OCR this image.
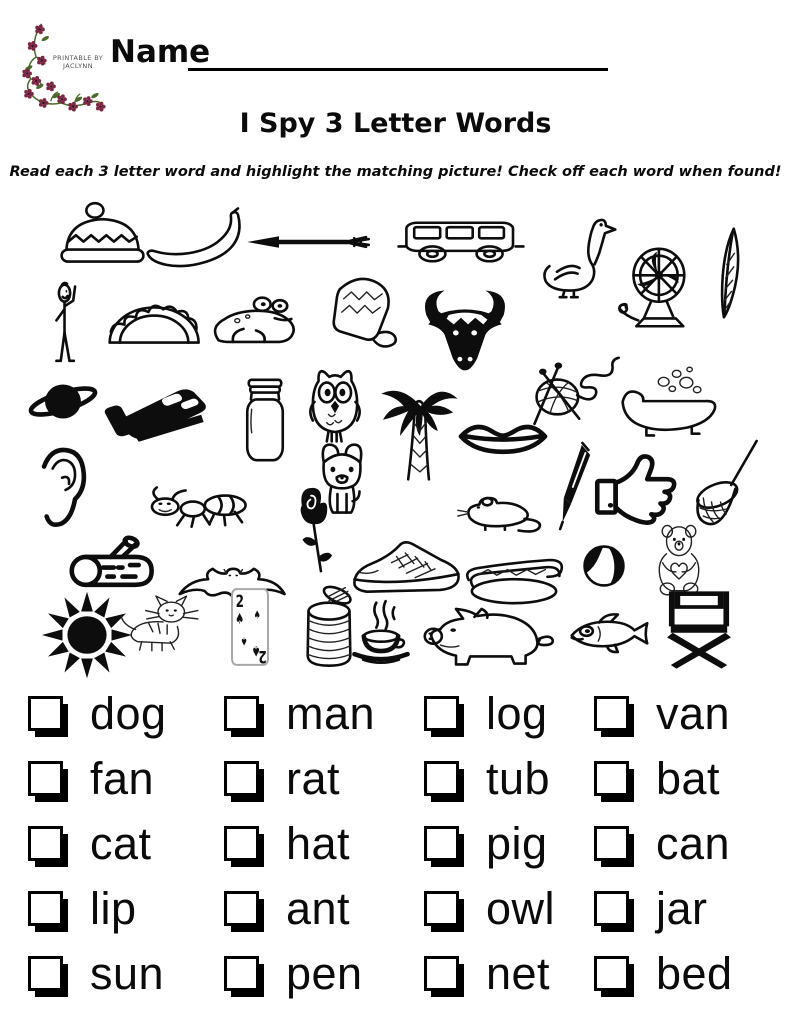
PRINTABLE BY
JACLYNN Name
I Spy 3 Letter Words
Read each 3 letter word and highlight the matching picture! Check off each word when found!
2
♠ ♠
♠
♠
2
dog	man log van
fan	rat	tub bat
cat	hat	pig can
lip	ant	owl jar
sun	pen	net bed
